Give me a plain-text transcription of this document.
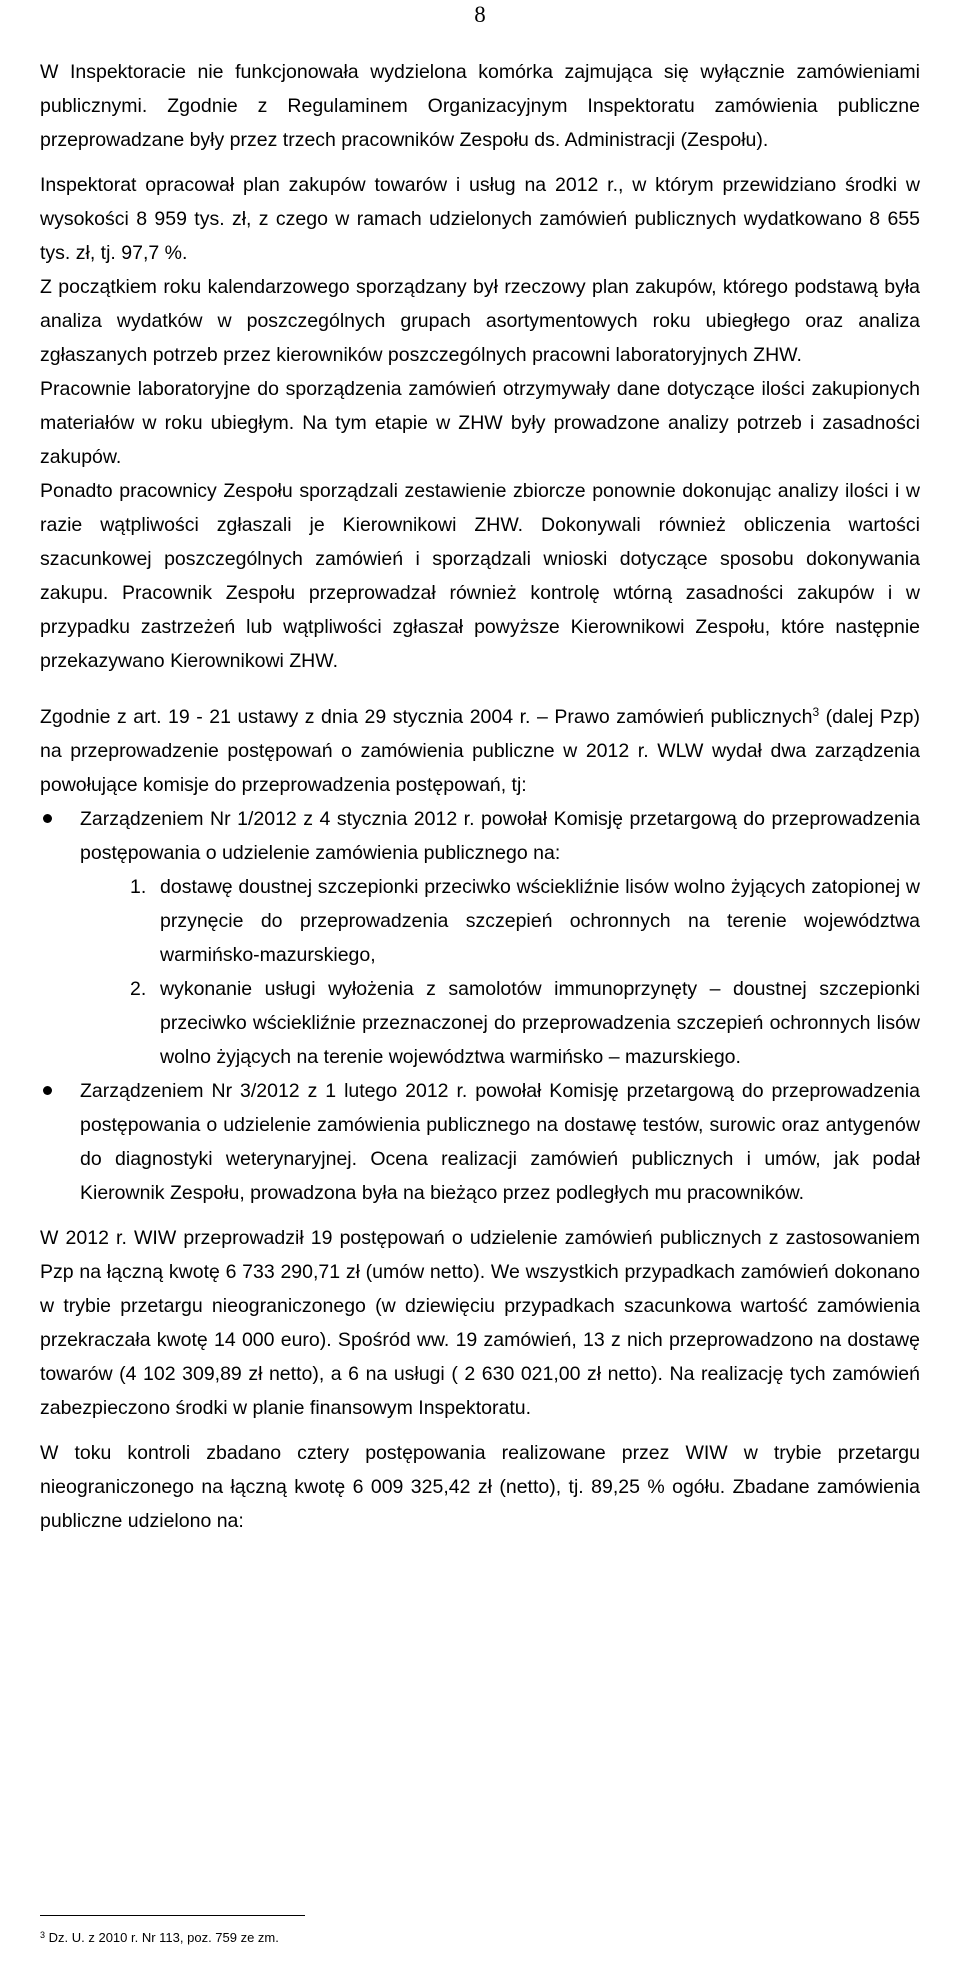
8

W Inspektoracie nie funkcjonowała wydzielona komórka zajmująca się wyłącznie zamówieniami publicznymi. Zgodnie z Regulaminem Organizacyjnym Inspektoratu zamówienia publiczne przeprowadzane były przez trzech pracowników Zespołu ds. Administracji (Zespołu).

Inspektorat opracował plan zakupów towarów i usług na 2012 r., w którym przewidziano środki w wysokości 8 959 tys. zł, z czego w ramach udzielonych zamówień publicznych wydatkowano 8 655 tys. zł, tj. 97,7 %.

Z początkiem roku kalendarzowego sporządzany był rzeczowy plan zakupów, którego podstawą była analiza wydatków w poszczególnych grupach asortymentowych roku ubiegłego oraz analiza zgłaszanych potrzeb przez kierowników poszczególnych pracowni laboratoryjnych ZHW.

Pracownie laboratoryjne do sporządzenia zamówień otrzymywały dane dotyczące ilości zakupionych materiałów w roku ubiegłym. Na tym etapie w ZHW były prowadzone analizy potrzeb i zasadności zakupów.

Ponadto pracownicy Zespołu sporządzali zestawienie zbiorcze ponownie dokonując analizy ilości i w razie wątpliwości zgłaszali je Kierownikowi ZHW. Dokonywali również obliczenia wartości szacunkowej poszczególnych zamówień i sporządzali wnioski dotyczące sposobu dokonywania zakupu. Pracownik Zespołu przeprowadzał również kontrolę wtórną zasadności zakupów i w przypadku zastrzeżeń lub wątpliwości zgłaszał powyższe Kierownikowi Zespołu, które następnie przekazywano Kierownikowi ZHW.

Zgodnie z art. 19 - 21 ustawy z dnia 29 stycznia 2004 r. – Prawo zamówień publicznych$^3$ (dalej Pzp) na przeprowadzenie postępowań o zamówienia publiczne w 2012 r. WLW wydał dwa zarządzenia powołujące komisje do przeprowadzenia postępowań, tj:

Zarządzeniem Nr 1/2012 z 4 stycznia 2012 r. powołał Komisję przetargową do przeprowadzenia postępowania o udzielenie zamówienia publicznego na:
1. dostawę doustnej szczepionki przeciwko wściekliźnie lisów wolno żyjących zatopionej w przynęcie do przeprowadzenia szczepień ochronnych na terenie województwa warmińsko-mazurskiego,
2. wykonanie usługi wyłożenia z samolotów immunoprzynęty – doustnej szczepionki przeciwko wściekliźnie przeznaczonej do przeprowadzenia szczepień ochronnych lisów wolno żyjących na terenie województwa warmińsko – mazurskiego.
Zarządzeniem Nr 3/2012 z 1 lutego 2012 r. powołał Komisję przetargową do przeprowadzenia postępowania o udzielenie zamówienia publicznego na dostawę testów, surowic oraz antygenów do diagnostyki weterynaryjnej. Ocena realizacji zamówień publicznych i umów, jak podał Kierownik Zespołu, prowadzona była na bieżąco przez podległych mu pracowników.

W 2012 r. WIW przeprowadził 19 postępowań o udzielenie zamówień publicznych z zastosowaniem Pzp na łączną kwotę 6 733 290,71 zł (umów netto). We wszystkich przypadkach zamówień dokonano w trybie przetargu nieograniczonego (w dziewięciu przypadkach szacunkowa wartość zamówienia przekraczała kwotę 14 000 euro). Spośród ww. 19 zamówień, 13 z nich przeprowadzono na dostawę towarów (4 102 309,89 zł netto), a 6 na usługi ( 2 630 021,00 zł netto). Na realizację tych zamówień zabezpieczono środki w planie finansowym Inspektoratu.

W toku kontroli zbadano cztery postępowania realizowane przez WIW w trybie przetargu nieograniczonego na łączną kwotę 6 009 325,42 zł (netto), tj. 89,25 % ogółu. Zbadane zamówienia publiczne udzielono na:

$^3$ Dz. U. z 2010 r. Nr 113, poz. 759 ze zm.
